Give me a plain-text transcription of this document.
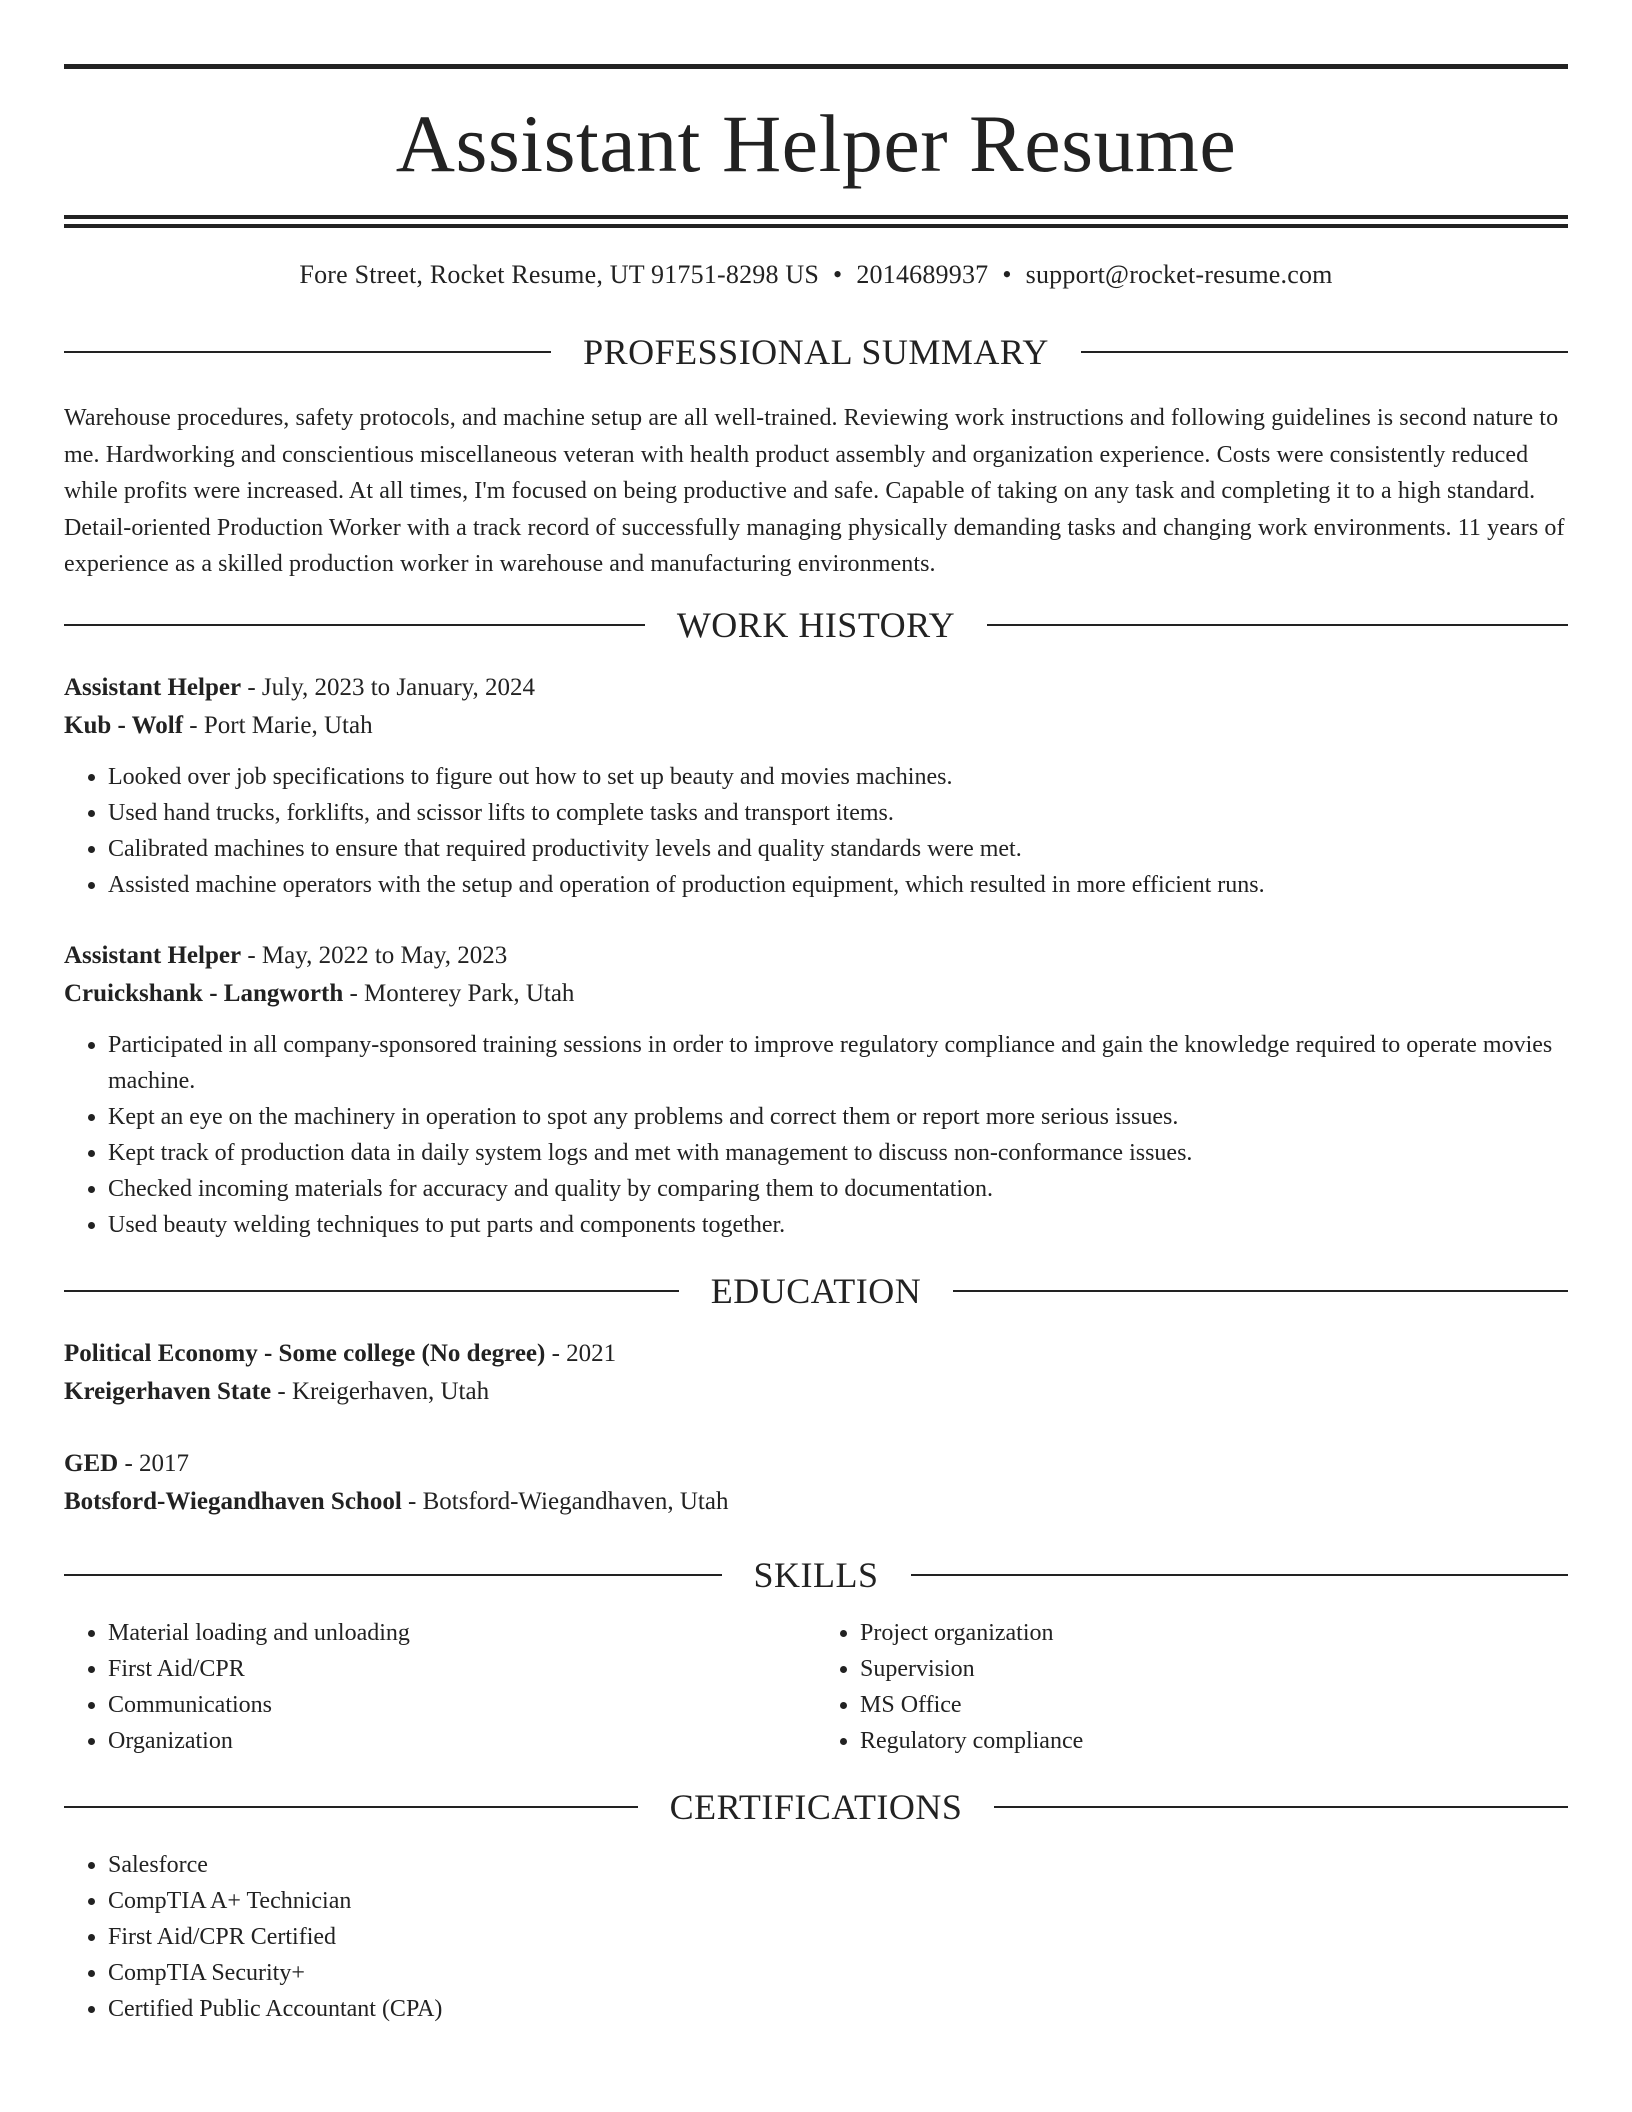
Assistant Helper Resume
Fore Street, Rocket Resume, UT 91751-8298 US • 2014689937 • support@rocket-resume.com
PROFESSIONAL SUMMARY

Warehouse procedures, safety protocols, and machine setup are all well-trained. Reviewing work instructions and following guidelines is second nature to me. Hardworking and conscientious miscellaneous veteran with health product assembly and organization experience. Costs were consistently reduced while profits were increased. At all times, I'm focused on being productive and safe. Capable of taking on any task and completing it to a high standard. Detail-oriented Production Worker with a track record of successfully managing physically demanding tasks and changing work environments. 11 years of experience as a skilled production worker in warehouse and manufacturing environments.

WORK HISTORY
Assistant Helper - July, 2023 to January, 2024
Kub - Wolf - Port Marie, Utah
• Looked over job specifications to figure out how to set up beauty and movies machines.
• Used hand trucks, forklifts, and scissor lifts to complete tasks and transport items.
• Calibrated machines to ensure that required productivity levels and quality standards were met.
• Assisted machine operators with the setup and operation of production equipment, which resulted in more efficient runs.
Assistant Helper - May, 2022 to May, 2023
Cruickshank - Langworth - Monterey Park, Utah
• Participated in all company-sponsored training sessions in order to improve regulatory compliance and gain the knowledge required to operate movies machine.
• Kept an eye on the machinery in operation to spot any problems and correct them or report more serious issues.
• Kept track of production data in daily system logs and met with management to discuss non-conformance issues.
• Checked incoming materials for accuracy and quality by comparing them to documentation.
• Used beauty welding techniques to put parts and components together.
EDUCATION
Political Economy - Some college (No degree) - 2021
Kreigerhaven State - Kreigerhaven, Utah
GED - 2017
Botsford-Wiegandhaven School - Botsford-Wiegandhaven, Utah
SKILLS
• Material loading and unloading
• First Aid/CPR
• Communications
• Organization
• Project organization
• Supervision
• MS Office
• Regulatory compliance
CERTIFICATIONS
• Salesforce
• CompTIA A+ Technician
• First Aid/CPR Certified
• CompTIA Security+
• Certified Public Accountant (CPA)
